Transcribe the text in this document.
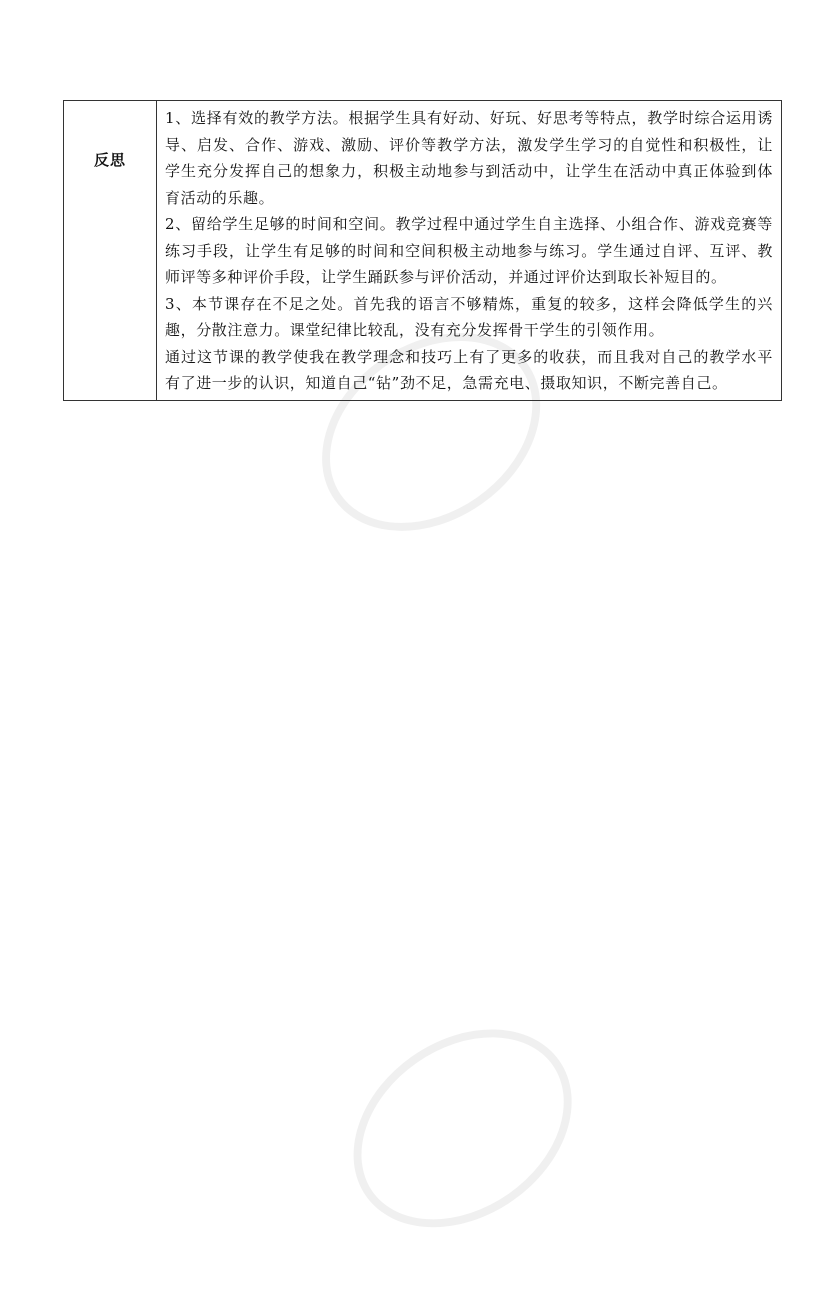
反思	

1、选择有效的教学方法。根据学生具有好动、好玩、好思考等特点，教学时综合运用诱导、启发、合作、游戏、激励、评价等教学方法，激发学生学习的自觉性和积极性，让学生充分发挥自己的想象力，积极主动地参与到活动中，让学生在活动中真正体验到体育活动的乐趣。

2、留给学生足够的时间和空间。教学过程中通过学生自主选择、小组合作、游戏竞赛等练习手段，让学生有足够的时间和空间积极主动地参与练习。学生通过自评、互评、教师评等多种评价手段，让学生踊跃参与评价活动，并通过评价达到取长补短目的。

3、本节课存在不足之处。首先我的语言不够精炼，重复的较多，这样会降低学生的兴趣，分散注意力。课堂纪律比较乱，没有充分发挥骨干学生的引领作用。

通过这节课的教学使我在教学理念和技巧上有了更多的收获，而且我对自己的教学水平有了进一步的认识，知道自己“钻”劲不足，急需充电、摄取知识，不断完善自己。
